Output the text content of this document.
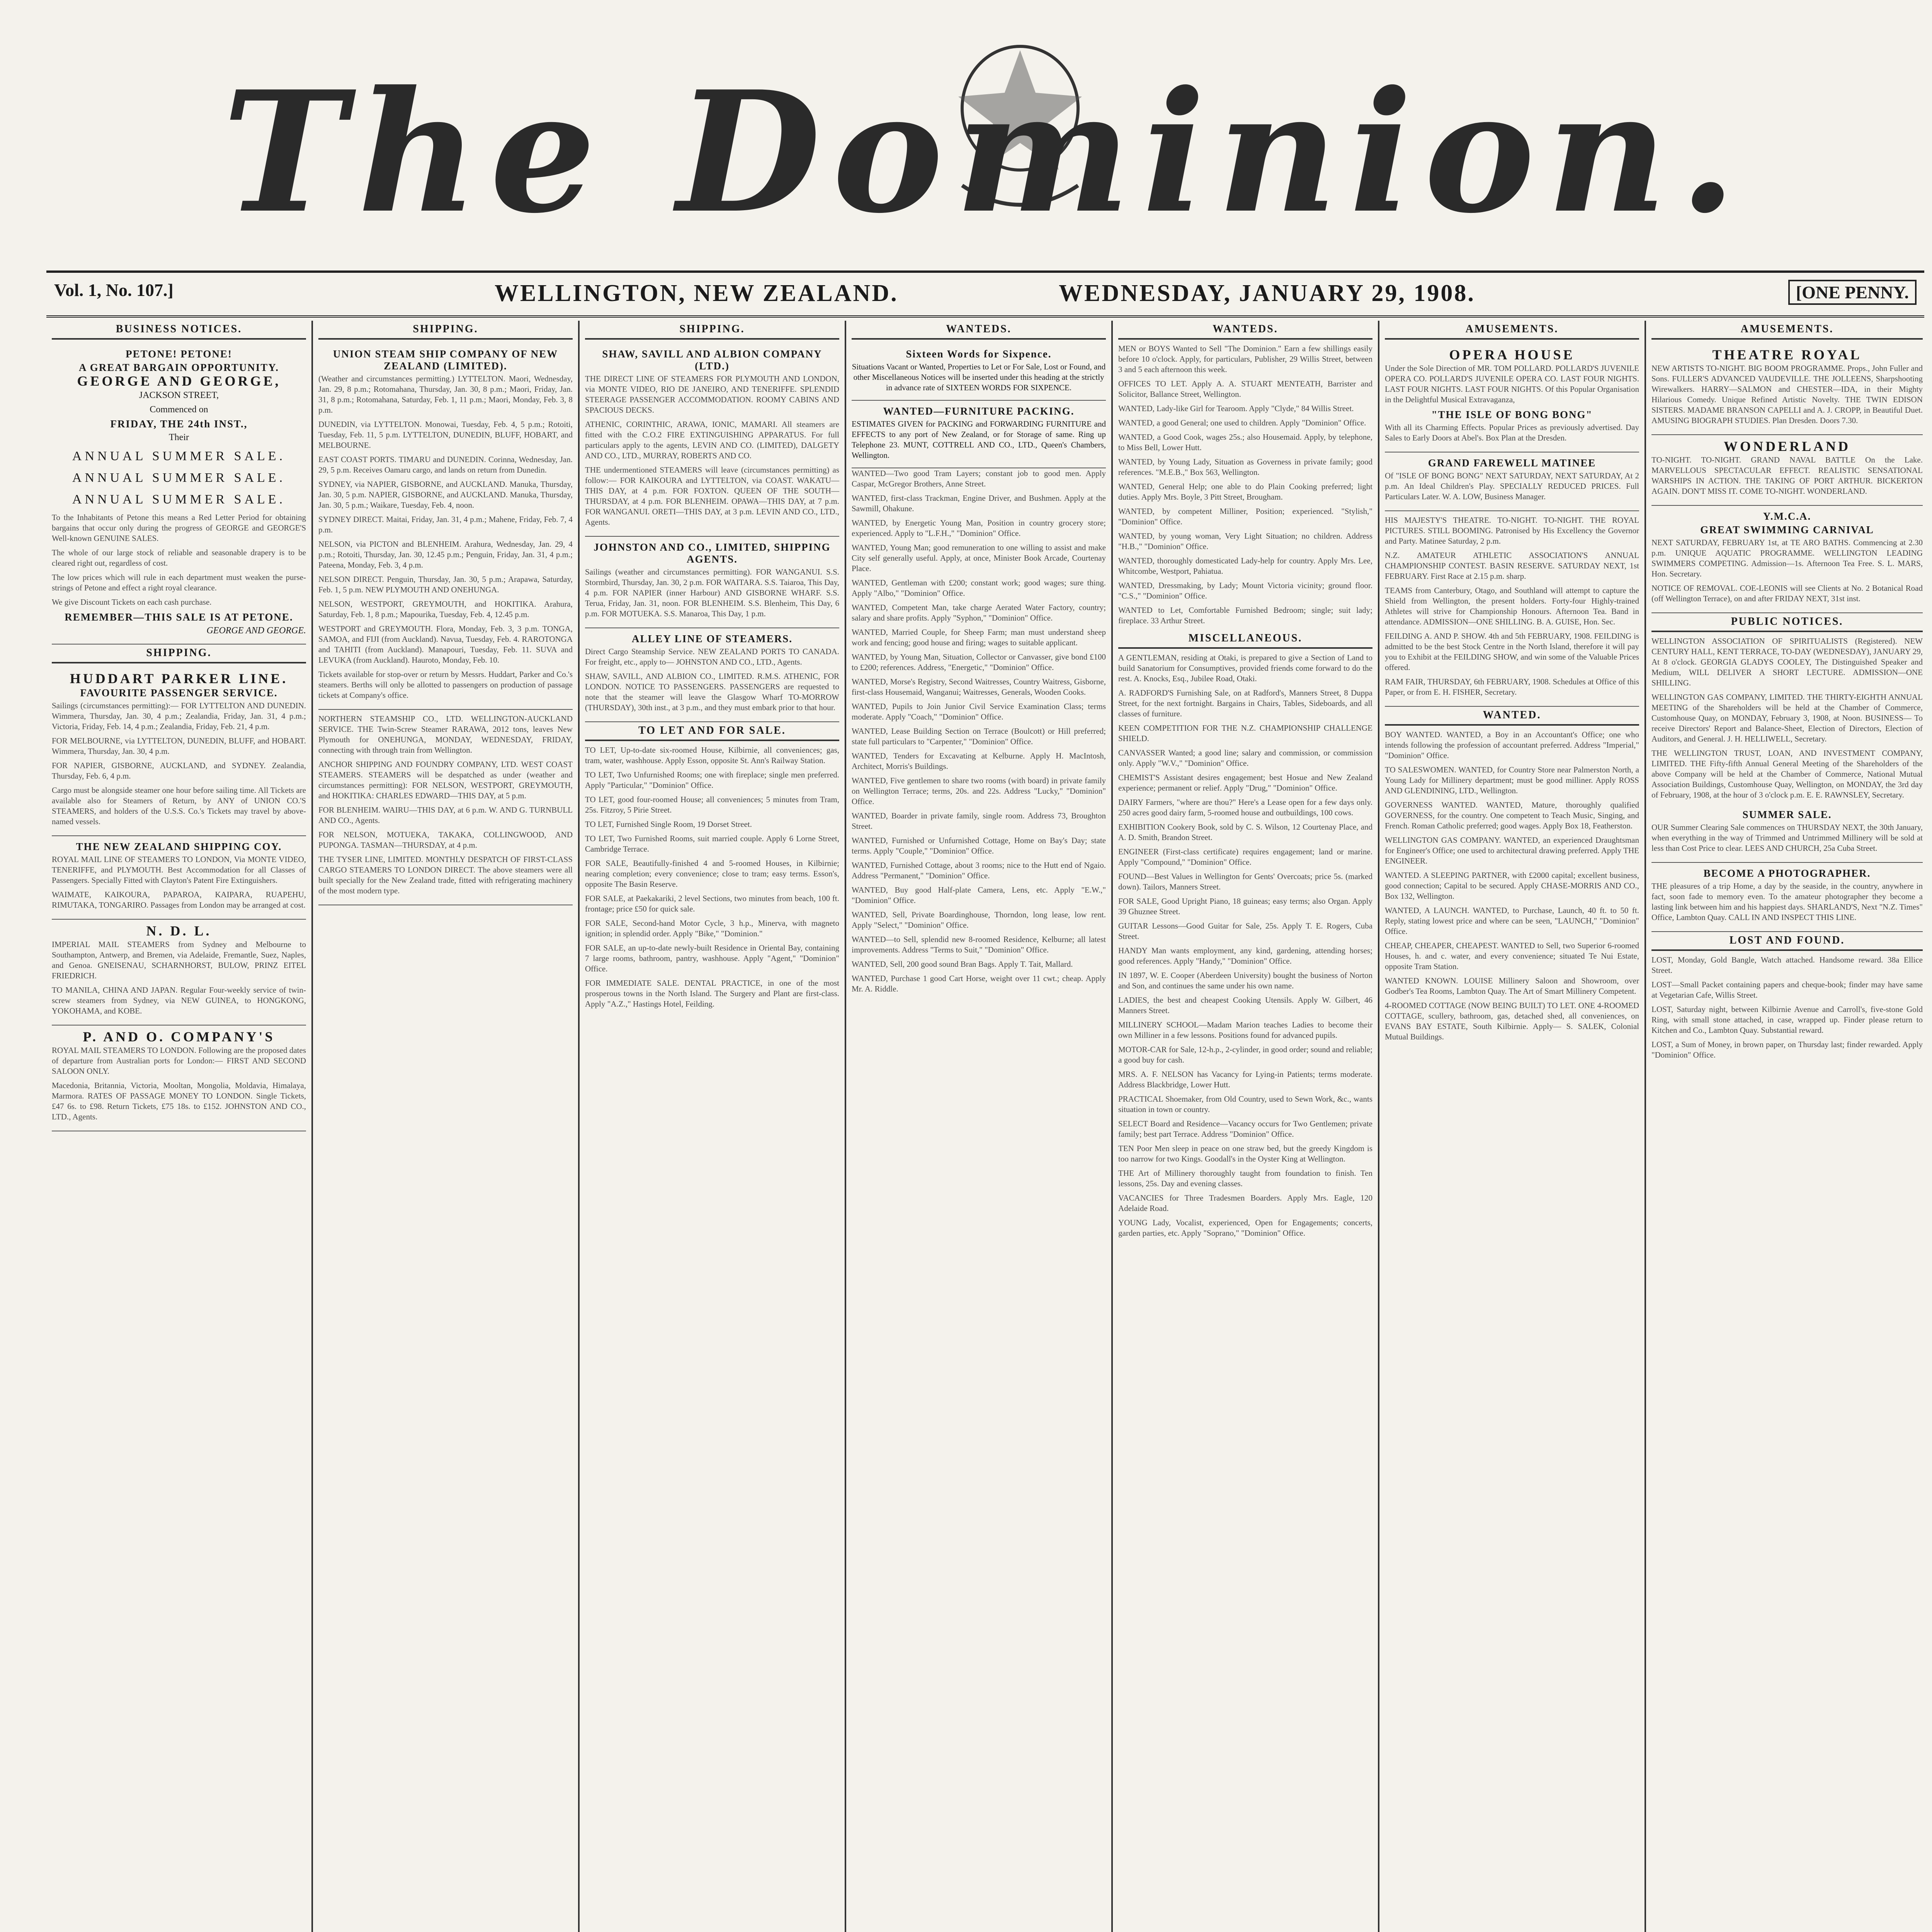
The Dominion.
Vol. 1, No. 107.]	WELLINGTON, NEW ZEALAND.	WEDNESDAY, JANUARY 29, 1908.	[ONE PENNY.
BUSINESS NOTICES.
PETONE! PETONE!
A GREAT BARGAIN OPPORTUNITY.
GEORGE AND GEORGE,

JACKSON STREET,

Commenced on

FRIDAY, THE 24th INST.,

Their

ANNUAL SUMMER SALE.
ANNUAL SUMMER SALE.
ANNUAL SUMMER SALE.

To the Inhabitants of Petone this means a Red Letter Period for obtaining bargains that occur only during the progress of GEORGE and GEORGE'S Well-known GENUINE SALES.

The whole of our large stock of reliable and seasonable drapery is to be cleared right out, regardless of cost.

The low prices which will rule in each department must weaken the purse-strings of Petone and effect a right royal clearance.

We give Discount Tickets on each cash purchase.

REMEMBER—THIS SALE IS AT PETONE.

GEORGE AND GEORGE.

SHIPPING.
HUDDART PARKER LINE.
FAVOURITE PASSENGER SERVICE.

Sailings (circumstances permitting):— FOR LYTTELTON AND DUNEDIN. Wimmera, Thursday, Jan. 30, 4 p.m.; Zealandia, Friday, Jan. 31, 4 p.m.; Victoria, Friday, Feb. 14, 4 p.m.; Zealandia, Friday, Feb. 21, 4 p.m.

FOR MELBOURNE, via LYTTELTON, DUNEDIN, BLUFF, and HOBART. Wimmera, Thursday, Jan. 30, 4 p.m.

FOR NAPIER, GISBORNE, AUCKLAND, and SYDNEY. Zealandia, Thursday, Feb. 6, 4 p.m.

Cargo must be alongside steamer one hour before sailing time. All Tickets are available also for Steamers of Return, by ANY of UNION CO.'S STEAMERS, and holders of the U.S.S. Co.'s Tickets may travel by above-named vessels.

THE NEW ZEALAND SHIPPING COY.

ROYAL MAIL LINE OF STEAMERS TO LONDON, Via MONTE VIDEO, TENERIFFE, and PLYMOUTH. Best Accommodation for all Classes of Passengers. Specially Fitted with Clayton's Patent Fire Extinguishers.

WAIMATE, KAIKOURA, PAPAROA, KAIPARA, RUAPEHU, RIMUTAKA, TONGARIRO. Passages from London may be arranged at cost.

N. D. L.

IMPERIAL MAIL STEAMERS from Sydney and Melbourne to Southampton, Antwerp, and Bremen, via Adelaide, Fremantle, Suez, Naples, and Genoa. GNEISENAU, SCHARNHORST, BULOW, PRINZ EITEL FRIEDRICH.

TO MANILA, CHINA AND JAPAN. Regular Four-weekly service of twin-screw steamers from Sydney, via NEW GUINEA, to HONGKONG, YOKOHAMA, and KOBE.

P. AND O. COMPANY'S

ROYAL MAIL STEAMERS TO LONDON. Following are the proposed dates of departure from Australian ports for London:— FIRST AND SECOND SALOON ONLY.

Macedonia, Britannia, Victoria, Mooltan, Mongolia, Moldavia, Himalaya, Marmora. RATES OF PASSAGE MONEY TO LONDON. Single Tickets, £47 6s. to £98. Return Tickets, £75 18s. to £152. JOHNSTON AND CO., LTD., Agents.

SHIPPING.
UNION STEAM SHIP COMPANY OF NEW ZEALAND (LIMITED).

(Weather and circumstances permitting.) LYTTELTON. Maori, Wednesday, Jan. 29, 8 p.m.; Rotomahana, Thursday, Jan. 30, 8 p.m.; Maori, Friday, Jan. 31, 8 p.m.; Rotomahana, Saturday, Feb. 1, 11 p.m.; Maori, Monday, Feb. 3, 8 p.m.

DUNEDIN, via LYTTELTON. Monowai, Tuesday, Feb. 4, 5 p.m.; Rotoiti, Tuesday, Feb. 11, 5 p.m. LYTTELTON, DUNEDIN, BLUFF, HOBART, and MELBOURNE.

EAST COAST PORTS. TIMARU and DUNEDIN. Corinna, Wednesday, Jan. 29, 5 p.m. Receives Oamaru cargo, and lands on return from Dunedin.

SYDNEY, via NAPIER, GISBORNE, and AUCKLAND. Manuka, Thursday, Jan. 30, 5 p.m. NAPIER, GISBORNE, and AUCKLAND. Manuka, Thursday, Jan. 30, 5 p.m.; Waikare, Tuesday, Feb. 4, noon.

SYDNEY DIRECT. Maitai, Friday, Jan. 31, 4 p.m.; Mahene, Friday, Feb. 7, 4 p.m.

NELSON, via PICTON and BLENHEIM. Arahura, Wednesday, Jan. 29, 4 p.m.; Rotoiti, Thursday, Jan. 30, 12.45 p.m.; Penguin, Friday, Jan. 31, 4 p.m.; Pateena, Monday, Feb. 3, 4 p.m.

NELSON DIRECT. Penguin, Thursday, Jan. 30, 5 p.m.; Arapawa, Saturday, Feb. 1, 5 p.m. NEW PLYMOUTH AND ONEHUNGA.

NELSON, WESTPORT, GREYMOUTH, and HOKITIKA. Arahura, Saturday, Feb. 1, 8 p.m.; Mapourika, Tuesday, Feb. 4, 12.45 p.m.

WESTPORT and GREYMOUTH. Flora, Monday, Feb. 3, 3 p.m. TONGA, SAMOA, and FIJI (from Auckland). Navua, Tuesday, Feb. 4. RAROTONGA and TAHITI (from Auckland). Manapouri, Tuesday, Feb. 11. SUVA and LEVUKA (from Auckland). Hauroto, Monday, Feb. 10.

Tickets available for stop-over or return by Messrs. Huddart, Parker and Co.'s steamers. Berths will only be allotted to passengers on production of passage tickets at Company's office.

NORTHERN STEAMSHIP CO., LTD. WELLINGTON-AUCKLAND SERVICE. THE Twin-Screw Steamer RARAWA, 2012 tons, leaves New Plymouth for ONEHUNGA, MONDAY, WEDNESDAY, FRIDAY, connecting with through train from Wellington.

ANCHOR SHIPPING AND FOUNDRY COMPANY, LTD. WEST COAST STEAMERS. STEAMERS will be despatched as under (weather and circumstances permitting): FOR NELSON, WESTPORT, GREYMOUTH, and HOKITIKA: CHARLES EDWARD—THIS DAY, at 5 p.m.

FOR BLENHEIM. WAIRU—THIS DAY, at 6 p.m. W. AND G. TURNBULL AND CO., Agents.

FOR NELSON, MOTUEKA, TAKAKA, COLLINGWOOD, AND PUPONGA. TASMAN—THURSDAY, at 4 p.m.

THE TYSER LINE, LIMITED. MONTHLY DESPATCH OF FIRST-CLASS CARGO STEAMERS TO LONDON DIRECT. The above steamers were all built specially for the New Zealand trade, fitted with refrigerating machinery of the most modern type.

SHIPPING.
SHAW, SAVILL AND ALBION COMPANY (LTD.)

THE DIRECT LINE OF STEAMERS FOR PLYMOUTH AND LONDON, via MONTE VIDEO, RIO DE JANEIRO, AND TENERIFFE. SPLENDID STEERAGE PASSENGER ACCOMMODATION. ROOMY CABINS AND SPACIOUS DECKS.

ATHENIC, CORINTHIC, ARAWA, IONIC, MAMARI. All steamers are fitted with the C.O.2 FIRE EXTINGUISHING APPARATUS. For full particulars apply to the agents, LEVIN AND CO. (LIMITED), DALGETY AND CO., LTD., MURRAY, ROBERTS AND CO.

THE undermentioned STEAMERS will leave (circumstances permitting) as follow:— FOR KAIKOURA and LYTTELTON, via COAST. WAKATU—THIS DAY, at 4 p.m. FOR FOXTON. QUEEN OF THE SOUTH—THURSDAY, at 4 p.m. FOR BLENHEIM. OPAWA—THIS DAY, at 7 p.m. FOR WANGANUI. ORETI—THIS DAY, at 3 p.m. LEVIN AND CO., LTD., Agents.

JOHNSTON AND CO., LIMITED, SHIPPING AGENTS.

Sailings (weather and circumstances permitting). FOR WANGANUI. S.S. Stormbird, Thursday, Jan. 30, 2 p.m. FOR WAITARA. S.S. Taiaroa, This Day, 4 p.m. FOR NAPIER (inner Harbour) AND GISBORNE WHARF. S.S. Terua, Friday, Jan. 31, noon. FOR BLENHEIM. S.S. Blenheim, This Day, 6 p.m. FOR MOTUEKA. S.S. Manaroa, This Day, 1 p.m.

ALLEY LINE OF STEAMERS.

Direct Cargo Steamship Service. NEW ZEALAND PORTS TO CANADA. For freight, etc., apply to— JOHNSTON AND CO., LTD., Agents.

SHAW, SAVILL, AND ALBION CO., LIMITED. R.M.S. ATHENIC, FOR LONDON. NOTICE TO PASSENGERS. PASSENGERS are requested to note that the steamer will leave the Glasgow Wharf TO-MORROW (THURSDAY), 30th inst., at 3 p.m., and they must embark prior to that hour.

TO LET AND FOR SALE.

TO LET, Up-to-date six-roomed House, Kilbirnie, all conveniences; gas, tram, water, washhouse. Apply Esson, opposite St. Ann's Railway Station.

TO LET, Two Unfurnished Rooms; one with fireplace; single men preferred. Apply "Particular," "Dominion" Office.

TO LET, good four-roomed House; all conveniences; 5 minutes from Tram, 25s. Fitzroy, 5 Pirie Street.

TO LET, Furnished Single Room, 19 Dorset Street.

TO LET, Two Furnished Rooms, suit married couple. Apply 6 Lorne Street, Cambridge Terrace.

FOR SALE, Beautifully-finished 4 and 5-roomed Houses, in Kilbirnie; nearing completion; every convenience; close to tram; easy terms. Esson's, opposite The Basin Reserve.

FOR SALE, at Paekakariki, 2 level Sections, two minutes from beach, 100 ft. frontage; price £50 for quick sale.

FOR SALE, Second-hand Motor Cycle, 3 h.p., Minerva, with magneto ignition; in splendid order. Apply "Bike," "Dominion."

FOR SALE, an up-to-date newly-built Residence in Oriental Bay, containing 7 large rooms, bathroom, pantry, washhouse. Apply "Agent," "Dominion" Office.

FOR IMMEDIATE SALE. DENTAL PRACTICE, in one of the most prosperous towns in the North Island. The Surgery and Plant are first-class. Apply "A.Z.," Hastings Hotel, Feilding.

WANTEDS.
Sixteen Words for Sixpence.

Situations Vacant or Wanted, Properties to Let or For Sale, Lost or Found, and other Miscellaneous Notices will be inserted under this heading at the strictly in advance rate of SIXTEEN WORDS FOR SIXPENCE.

WANTED—FURNITURE PACKING.

ESTIMATES GIVEN for PACKING and FORWARDING FURNITURE and EFFECTS to any port of New Zealand, or for Storage of same. Ring up Telephone 23. MUNT, COTTRELL AND CO., LTD., Queen's Chambers, Wellington.

WANTED—Two good Tram Layers; constant job to good men. Apply Caspar, McGregor Brothers, Anne Street.

WANTED, first-class Trackman, Engine Driver, and Bushmen. Apply at the Sawmill, Ohakune.

WANTED, by Energetic Young Man, Position in country grocery store; experienced. Apply to "L.F.H.," "Dominion" Office.

WANTED, Young Man; good remuneration to one willing to assist and make City self generally useful. Apply, at once, Minister Book Arcade, Courtenay Place.

WANTED, Gentleman with £200; constant work; good wages; sure thing. Apply "Albo," "Dominion" Office.

WANTED, Competent Man, take charge Aerated Water Factory, country; salary and share profits. Apply "Syphon," "Dominion" Office.

WANTED, Married Couple, for Sheep Farm; man must understand sheep work and fencing; good house and firing; wages to suitable applicant.

WANTED, by Young Man, Situation, Collector or Canvasser, give bond £100 to £200; references. Address, "Energetic," "Dominion" Office.

WANTED, Morse's Registry, Second Waitresses, Country Waitress, Gisborne, first-class Housemaid, Wanganui; Waitresses, Generals, Wooden Cooks.

WANTED, Pupils to Join Junior Civil Service Examination Class; terms moderate. Apply "Coach," "Dominion" Office.

WANTED, Lease Building Section on Terrace (Boulcott) or Hill preferred; state full particulars to "Carpenter," "Dominion" Office.

WANTED, Tenders for Excavating at Kelburne. Apply H. MacIntosh, Architect, Morris's Buildings.

WANTED, Five gentlemen to share two rooms (with board) in private family on Wellington Terrace; terms, 20s. and 22s. Address "Lucky," "Dominion" Office.

WANTED, Boarder in private family, single room. Address 73, Broughton Street.

WANTED, Furnished or Unfurnished Cottage, Home on Bay's Day; state terms. Apply "Couple," "Dominion" Office.

WANTED, Furnished Cottage, about 3 rooms; nice to the Hutt end of Ngaio. Address "Permanent," "Dominion" Office.

WANTED, Buy good Half-plate Camera, Lens, etc. Apply "E.W.," "Dominion" Office.

WANTED, Sell, Private Boardinghouse, Thorndon, long lease, low rent. Apply "Select," "Dominion" Office.

WANTED—to Sell, splendid new 8-roomed Residence, Kelburne; all latest improvements. Address "Terms to Suit," "Dominion" Office.

WANTED, Sell, 200 good sound Bran Bags. Apply T. Tait, Mallard.

WANTED, Purchase 1 good Cart Horse, weight over 11 cwt.; cheap. Apply Mr. A. Riddle.

WANTEDS.

MEN or BOYS Wanted to Sell "The Dominion." Earn a few shillings easily before 10 o'clock. Apply, for particulars, Publisher, 29 Willis Street, between 3 and 5 each afternoon this week.

OFFICES TO LET. Apply A. A. STUART MENTEATH, Barrister and Solicitor, Ballance Street, Wellington.

WANTED, Lady-like Girl for Tearoom. Apply "Clyde," 84 Willis Street.

WANTED, a good General; one used to children. Apply "Dominion" Office.

WANTED, a Good Cook, wages 25s.; also Housemaid. Apply, by telephone, to Miss Bell, Lower Hutt.

WANTED, by Young Lady, Situation as Governess in private family; good references. "M.E.B.," Box 563, Wellington.

WANTED, General Help; one able to do Plain Cooking preferred; light duties. Apply Mrs. Boyle, 3 Pitt Street, Brougham.

WANTED, by competent Milliner, Position; experienced. "Stylish," "Dominion" Office.

WANTED, by young woman, Very Light Situation; no children. Address "H.B.," "Dominion" Office.

WANTED, thoroughly domesticated Lady-help for country. Apply Mrs. Lee, Whitcombe, Westport, Pahiatua.

WANTED, Dressmaking, by Lady; Mount Victoria vicinity; ground floor. "C.S.," "Dominion" Office.

WANTED to Let, Comfortable Furnished Bedroom; single; suit lady; fireplace. 33 Arthur Street.

MISCELLANEOUS.

A GENTLEMAN, residing at Otaki, is prepared to give a Section of Land to build Sanatorium for Consumptives, provided friends come forward to do the rest. A. Knocks, Esq., Jubilee Road, Otaki.

A. RADFORD'S Furnishing Sale, on at Radford's, Manners Street, 8 Duppa Street, for the next fortnight. Bargains in Chairs, Tables, Sideboards, and all classes of furniture.

KEEN COMPETITION FOR THE N.Z. CHAMPIONSHIP CHALLENGE SHIELD.

CANVASSER Wanted; a good line; salary and commission, or commission only. Apply "W.V.," "Dominion" Office.

CHEMIST'S Assistant desires engagement; best Hosue and New Zealand experience; permanent or relief. Apply "Drug," "Dominion" Office.

DAIRY Farmers, "where are thou?" Here's a Lease open for a few days only. 250 acres good dairy farm, 5-roomed house and outbuildings, 100 cows.

EXHIBITION Cookery Book, sold by C. S. Wilson, 12 Courtenay Place, and A. D. Smith, Brandon Street.

ENGINEER (First-class certificate) requires engagement; land or marine. Apply "Compound," "Dominion" Office.

FOUND—Best Values in Wellington for Gents' Overcoats; price 5s. (marked down). Tailors, Manners Street.

FOR SALE, Good Upright Piano, 18 guineas; easy terms; also Organ. Apply 39 Ghuznee Street.

GUITAR Lessons—Good Guitar for Sale, 25s. Apply T. E. Rogers, Cuba Street.

HANDY Man wants employment, any kind, gardening, attending horses; good references. Apply "Handy," "Dominion" Office.

IN 1897, W. E. Cooper (Aberdeen University) bought the business of Norton and Son, and continues the same under his own name.

LADIES, the best and cheapest Cooking Utensils. Apply W. Gilbert, 46 Manners Street.

MILLINERY SCHOOL—Madam Marion teaches Ladies to become their own Milliner in a few lessons. Positions found for advanced pupils.

MOTOR-CAR for Sale, 12-h.p., 2-cylinder, in good order; sound and reliable; a good buy for cash.

MRS. A. F. NELSON has Vacancy for Lying-in Patients; terms moderate. Address Blackbridge, Lower Hutt.

PRACTICAL Shoemaker, from Old Country, used to Sewn Work, &c., wants situation in town or country.

SELECT Board and Residence—Vacancy occurs for Two Gentlemen; private family; best part Terrace. Address "Dominion" Office.

TEN Poor Men sleep in peace on one straw bed, but the greedy Kingdom is too narrow for two Kings. Goodall's in the Oyster King at Wellington.

THE Art of Millinery thoroughly taught from foundation to finish. Ten lessons, 25s. Day and evening classes.

VACANCIES for Three Tradesmen Boarders. Apply Mrs. Eagle, 120 Adelaide Road.

YOUNG Lady, Vocalist, experienced, Open for Engagements; concerts, garden parties, etc. Apply "Soprano," "Dominion" Office.

AMUSEMENTS.
OPERA HOUSE

Under the Sole Direction of MR. TOM POLLARD. POLLARD'S JUVENILE OPERA CO. POLLARD'S JUVENILE OPERA CO. LAST FOUR NIGHTS. LAST FOUR NIGHTS. LAST FOUR NIGHTS. Of this Popular Organisation in the Delightful Musical Extravaganza,

"THE ISLE OF BONG BONG"

With all its Charming Effects. Popular Prices as previously advertised. Day Sales to Early Doors at Abel's. Box Plan at the Dresden.

GRAND FAREWELL MATINEE

Of "ISLE OF BONG BONG" NEXT SATURDAY, NEXT SATURDAY, At 2 p.m. An Ideal Children's Play. SPECIALLY REDUCED PRICES. Full Particulars Later. W. A. LOW, Business Manager.

HIS MAJESTY'S THEATRE. TO-NIGHT. TO-NIGHT. THE ROYAL PICTURES. STILL BOOMING. Patronised by His Excellency the Governor and Party. Matinee Saturday, 2 p.m.

N.Z. AMATEUR ATHLETIC ASSOCIATION'S ANNUAL CHAMPIONSHIP CONTEST. BASIN RESERVE. SATURDAY NEXT, 1st FEBRUARY. First Race at 2.15 p.m. sharp.

TEAMS from Canterbury, Otago, and Southland will attempt to capture the Shield from Wellington, the present holders. Forty-four Highly-trained Athletes will strive for Championship Honours. Afternoon Tea. Band in attendance. ADMISSION—ONE SHILLING. B. A. GUISE, Hon. Sec.

FEILDING A. AND P. SHOW. 4th and 5th FEBRUARY, 1908. FEILDING is admitted to be the best Stock Centre in the North Island, therefore it will pay you to Exhibit at the FEILDING SHOW, and win some of the Valuable Prices offered.

RAM FAIR, THURSDAY, 6th FEBRUARY, 1908. Schedules at Office of this Paper, or from E. H. FISHER, Secretary.

WANTED.

BOY WANTED. WANTED, a Boy in an Accountant's Office; one who intends following the profession of accountant preferred. Address "Imperial," "Dominion" Office.

TO SALESWOMEN. WANTED, for Country Store near Palmerston North, a Young Lady for Millinery department; must be good milliner. Apply ROSS AND GLENDINING, LTD., Wellington.

GOVERNESS WANTED. WANTED, Mature, thoroughly qualified GOVERNESS, for the country. One competent to Teach Music, Singing, and French. Roman Catholic preferred; good wages. Apply Box 18, Featherston.

WELLINGTON GAS COMPANY. WANTED, an experienced Draughtsman for Engineer's Office; one used to architectural drawing preferred. Apply THE ENGINEER.

WANTED. A SLEEPING PARTNER, with £2000 capital; excellent business, good connection; Capital to be secured. Apply CHASE-MORRIS AND CO., Box 132, Wellington.

WANTED, A LAUNCH. WANTED, to Purchase, Launch, 40 ft. to 50 ft. Reply, stating lowest price and where can be seen, "LAUNCH," "Dominion" Office.

CHEAP, CHEAPER, CHEAPEST. WANTED to Sell, two Superior 6-roomed Houses, h. and c. water, and every convenience; situated Te Nui Estate, opposite Tram Station.

WANTED KNOWN. LOUISE Millinery Saloon and Showroom, over Godber's Tea Rooms, Lambton Quay. The Art of Smart Millinery Competent.

4-ROOMED COTTAGE (NOW BEING BUILT) TO LET. ONE 4-ROOMED COTTAGE, scullery, bathroom, gas, detached shed, all conveniences, on EVANS BAY ESTATE, South Kilbirnie. Apply— S. SALEK, Colonial Mutual Buildings.

AMUSEMENTS.
THEATRE ROYAL

NEW ARTISTS TO-NIGHT. BIG BOOM PROGRAMME. Props., John Fuller and Sons. FULLER'S ADVANCED VAUDEVILLE. THE JOLLEENS, Sharpshooting Wirewalkers. HARRY—SALMON and CHESTER—IDA, in their Mighty Hilarious Comedy. Unique Refined Artistic Novelty. THE TWIN EDISON SISTERS. MADAME BRANSON CAPELLI and A. J. CROPP, in Beautiful Duet. AMUSING BIOGRAPH STUDIES. Plan Dresden. Doors 7.30.

WONDERLAND

TO-NIGHT. TO-NIGHT. GRAND NAVAL BATTLE On the Lake. MARVELLOUS SPECTACULAR EFFECT. REALISTIC SENSATIONAL WARSHIPS IN ACTION. THE TAKING OF PORT ARTHUR. BICKERTON AGAIN. DON'T MISS IT. COME TO-NIGHT. WONDERLAND.

Y.M.C.A.
GREAT SWIMMING CARNIVAL

NEXT SATURDAY, FEBRUARY 1st, at TE ARO BATHS. Commencing at 2.30 p.m. UNIQUE AQUATIC PROGRAMME. WELLINGTON LEADING SWIMMERS COMPETING. Admission—1s. Afternoon Tea Free. S. L. MARS, Hon. Secretary.

NOTICE OF REMOVAL. COE-LEONIS will see Clients at No. 2 Botanical Road (off Wellington Terrace), on and after FRIDAY NEXT, 31st inst.

PUBLIC NOTICES.

WELLINGTON ASSOCIATION OF SPIRITUALISTS (Registered). NEW CENTURY HALL, KENT TERRACE, TO-DAY (WEDNESDAY), JANUARY 29, At 8 o'clock. GEORGIA GLADYS COOLEY, The Distinguished Speaker and Medium, WILL DELIVER A SHORT LECTURE. ADMISSION—ONE SHILLING.

WELLINGTON GAS COMPANY, LIMITED. THE THIRTY-EIGHTH ANNUAL MEETING of the Shareholders will be held at the Chamber of Commerce, Customhouse Quay, on MONDAY, February 3, 1908, at Noon. BUSINESS— To receive Directors' Report and Balance-Sheet, Election of Directors, Election of Auditors, and General. J. H. HELLIWELL, Secretary.

THE WELLINGTON TRUST, LOAN, AND INVESTMENT COMPANY, LIMITED. THE Fifty-fifth Annual General Meeting of the Shareholders of the above Company will be held at the Chamber of Commerce, National Mutual Association Buildings, Customhouse Quay, Wellington, on MONDAY, the 3rd day of February, 1908, at the hour of 3 o'clock p.m. E. E. RAWNSLEY, Secretary.

SUMMER SALE.

OUR Summer Clearing Sale commences on THURSDAY NEXT, the 30th January, when everything in the way of Trimmed and Untrimmed Millinery will be sold at less than Cost Price to clear. LEES AND CHURCH, 25a Cuba Street.

BECOME A PHOTOGRAPHER.

THE pleasures of a trip Home, a day by the seaside, in the country, anywhere in fact, soon fade to memory even. To the amateur photographer they become a lasting link between him and his happiest days. SHARLAND'S, Next "N.Z. Times" Office, Lambton Quay. CALL IN AND INSPECT THIS LINE.

LOST AND FOUND.

LOST, Monday, Gold Bangle, Watch attached. Handsome reward. 38a Ellice Street.

LOST—Small Packet containing papers and cheque-book; finder may have same at Vegetarian Cafe, Willis Street.

LOST, Saturday night, between Kilbirnie Avenue and Carroll's, five-stone Gold Ring, with small stone attached, in case, wrapped up. Finder please return to Kitchen and Co., Lambton Quay. Substantial reward.

LOST, a Sum of Money, in brown paper, on Thursday last; finder rewarded. Apply "Dominion" Office.
